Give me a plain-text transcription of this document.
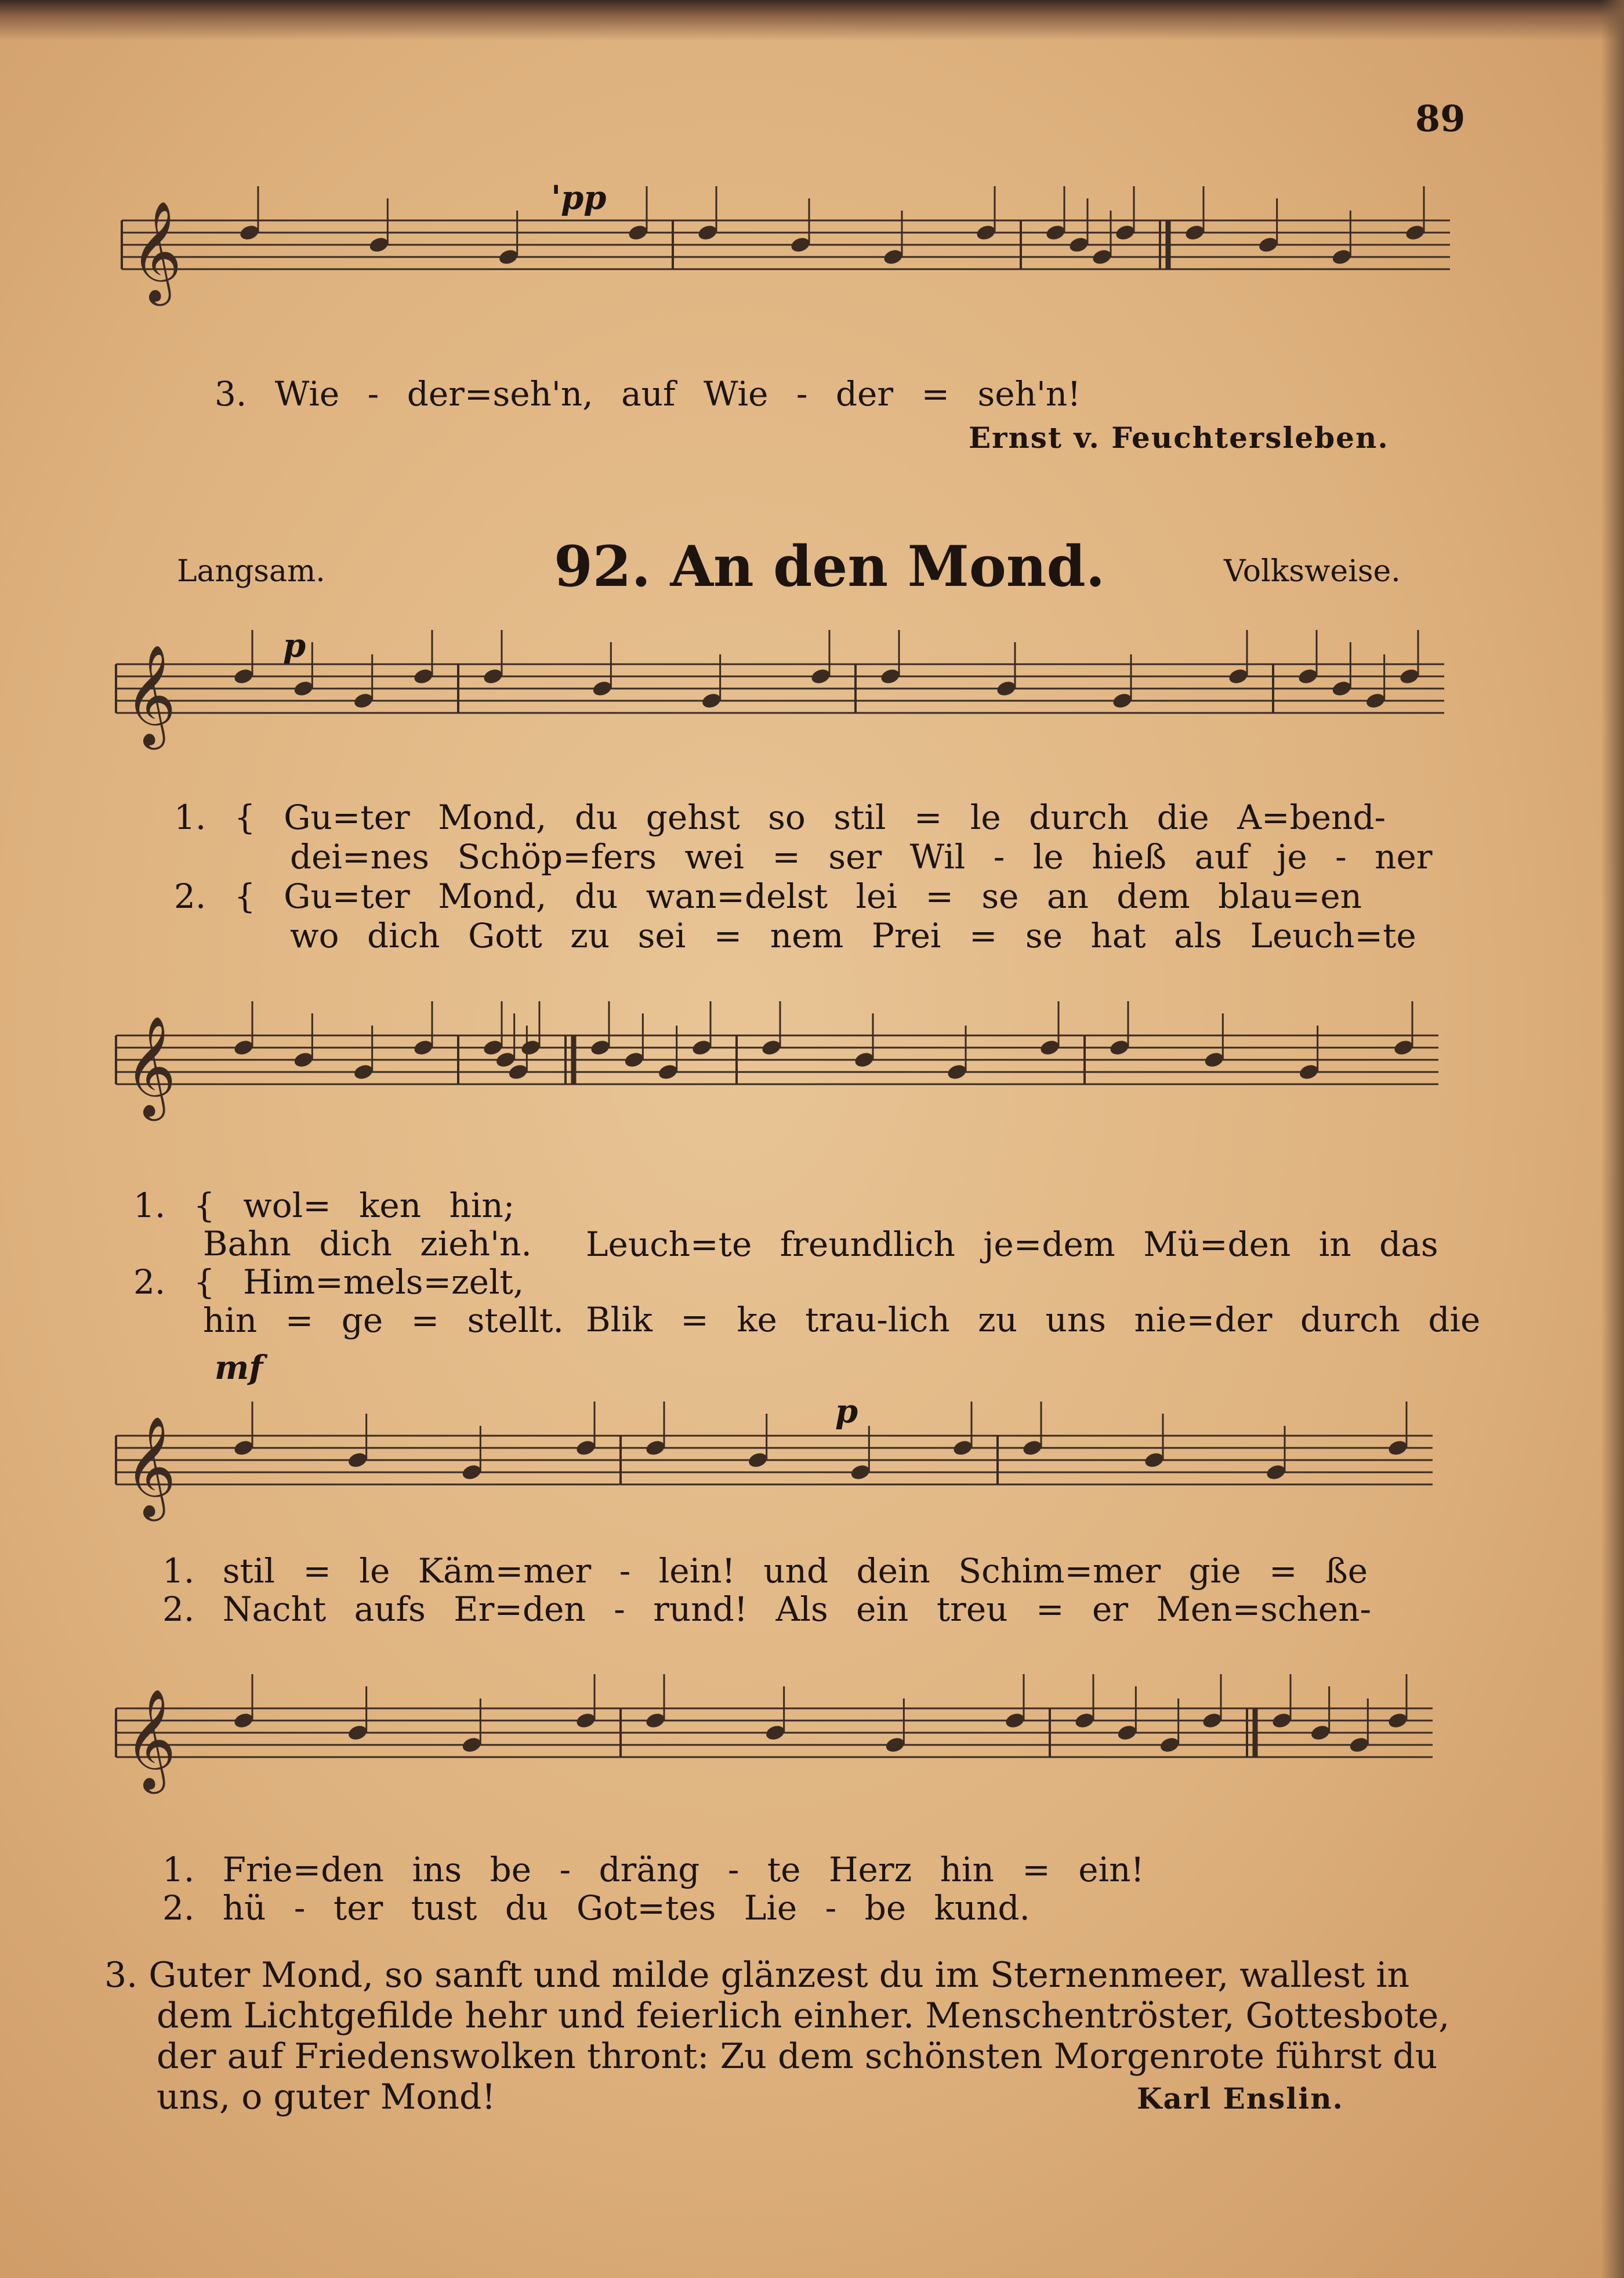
89
'pp
𝄞
3. Wie - der=seh'n, auf Wie - der = seh'n!
Ernst v. Feuchtersleben.
Langsam.	92. An den Mond.	Volksweise.
p
𝄞
1. { Gu=ter Mond, du gehst so stil = le durch die A=bend-
dei=nes Schöp=fers wei = ser Wil - le hieß auf je - ner
2. { Gu=ter Mond, du wan=delst lei = se an dem blau=en
wo dich Gott zu sei = nem Prei = se hat als Leuch=te
𝄞
1. { wol= ken hin;
Bahn dich zieh'n.
2. { Him=mels=zelt,
hin = ge = stellt.
Leuch=te freundlich je=dem Mü=den in das
Blik = ke trau-lich zu uns nie=der durch die
mf
p
𝄞
1. stil = le Käm=mer - lein! und dein Schim=mer gie = ße
2. Nacht aufs Er=den - rund! Als ein treu = er Men=schen-
𝄞
1. Frie=den ins be - dräng - te Herz hin = ein!
2. hü - ter tust du Got=tes Lie - be kund.
3. Guter Mond, so sanft und milde glänzest du im Sternenmeer, wallest in
dem Lichtgefilde hehr und feierlich einher. Menschentröster, Gottesbote,
der auf Friedenswolken thront: Zu dem schönsten Morgenrote führst du
uns, o guter Mond!	Karl Enslin.
